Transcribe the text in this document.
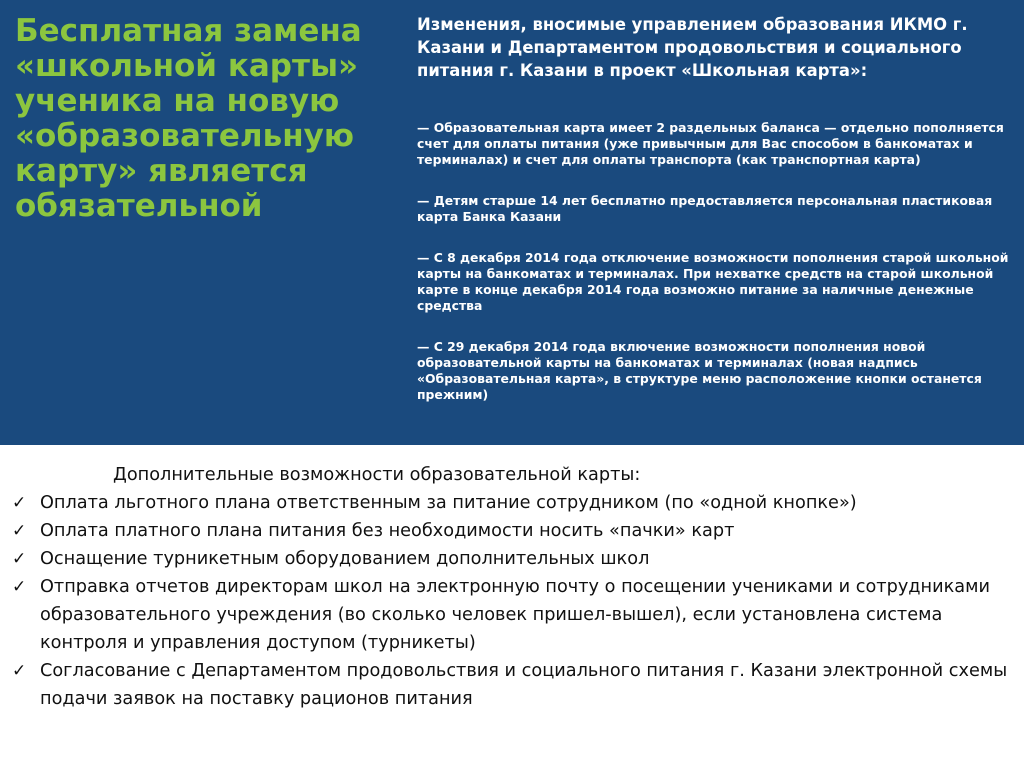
Бесплатная замена «школьной карты» ученика на новую «образовательную карту» является обязательной

Изменения, вносимые управлением образования ИКМО г. Казани и Департаментом продовольствия и социального питания г. Казани в проект «Школьная карта»:

— Образовательная карта имеет 2 раздельных баланса — отдельно пополняется счет для оплаты питания (уже привычным для Вас способом в банкоматах и терминалах) и счет для оплаты транспорта (как транспортная карта)
— Детям старше 14 лет бесплатно предоставляется персональная пластиковая карта Банка Казани
— С 8 декабря 2014 года отключение возможности пополнения старой школьной карты на банкоматах и терминалах. При нехватке средств на старой школьной карте в конце декабря 2014 года возможно питание за наличные денежные средства
— С 29 декабря 2014 года включение возможности пополнения новой образовательной карты на банкоматах и терминалах (новая надпись «Образовательная карта», в структуре меню расположение кнопки останется прежним)

Дополнительные возможности образовательной карты:

✓ Оплата льготного плана ответственным за питание сотрудником (по «одной кнопке»)
✓ Оплата платного плана питания без необходимости носить «пачки» карт
✓ Оснащение турникетным оборудованием дополнительных школ
✓ Отправка отчетов директорам школ на электронную почту о посещении учениками и сотрудниками образовательного учреждения (во сколько человек пришел-вышел), если установлена система контроля и управления доступом (турникеты)
✓ Согласование с Департаментом продовольствия и социального питания г. Казани электронной схемы подачи заявок на поставку рационов питания
